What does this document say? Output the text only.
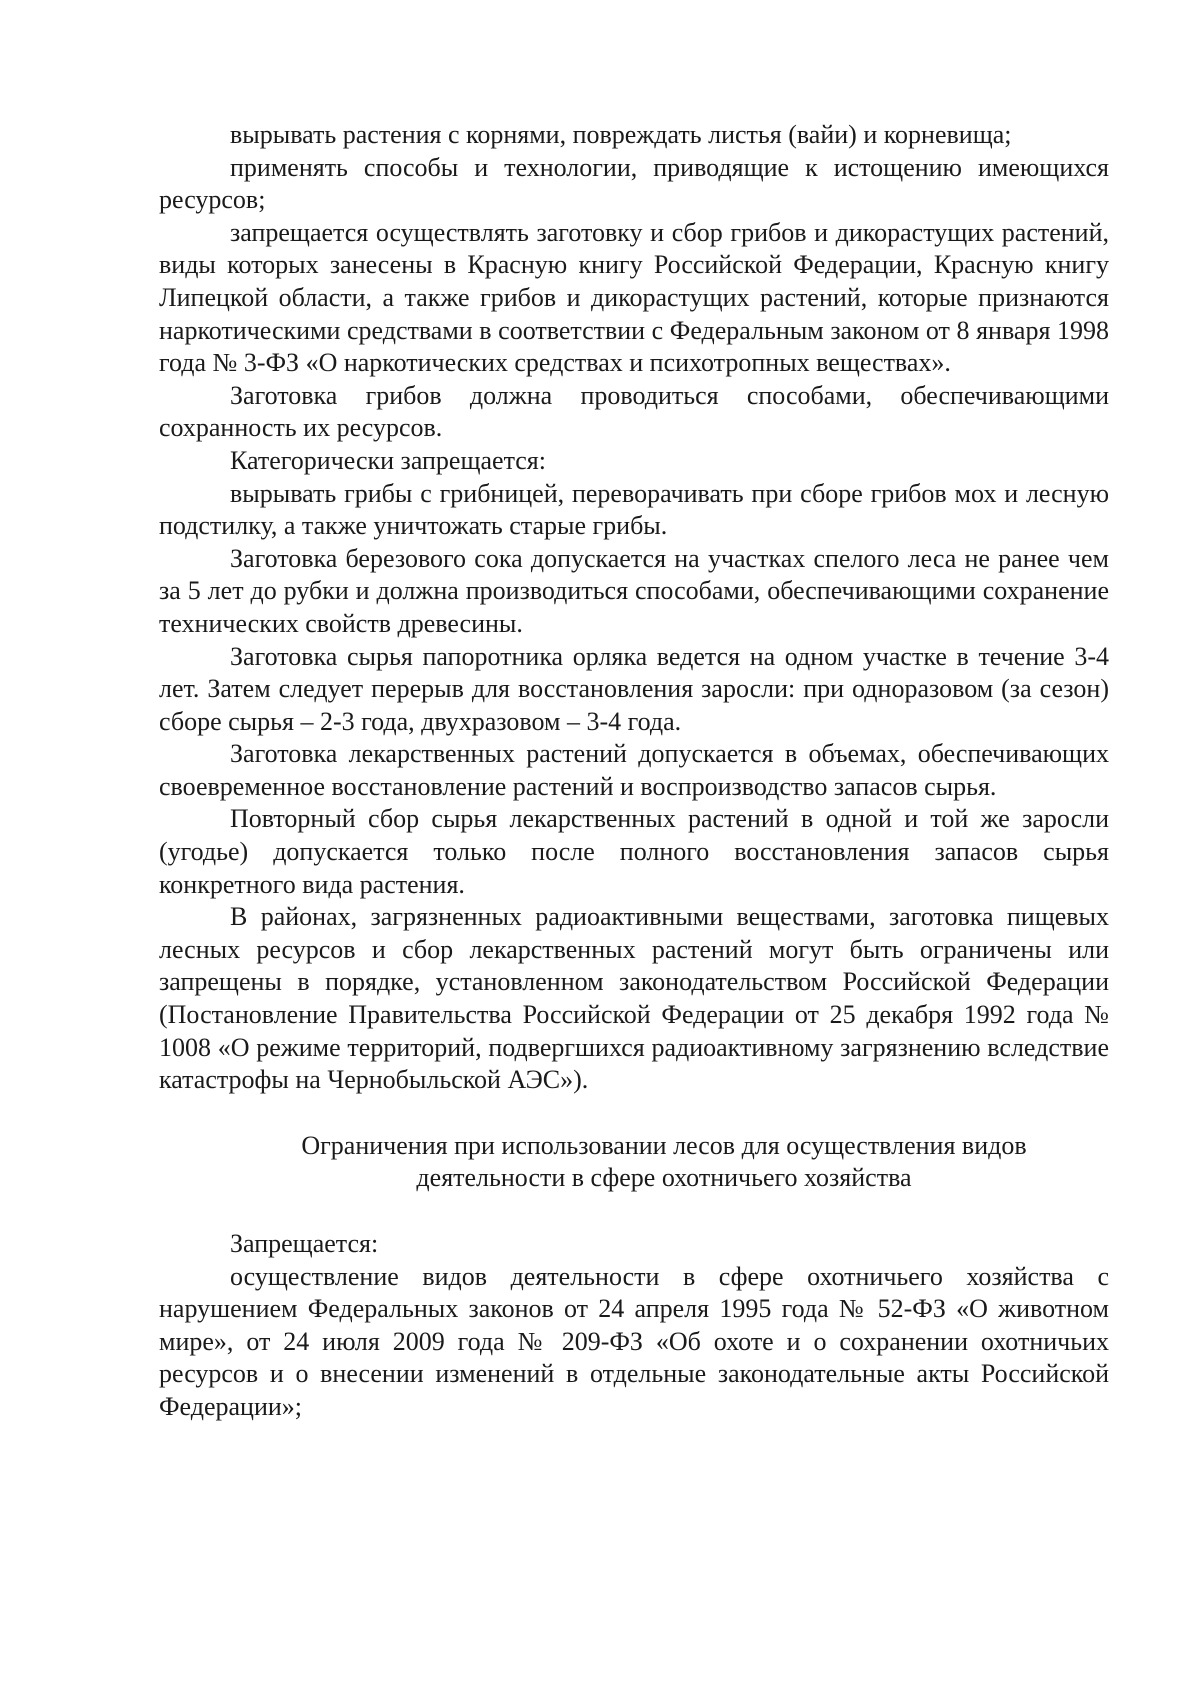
вырывать растения с корнями, повреждать листья (вайи) и корневища;

применять способы и технологии, приводящие к истощению имеющихся ресурсов;

запрещается осуществлять заготовку и сбор грибов и дикорастущих растений, виды которых занесены в Красную книгу Российской Федерации, Красную книгу Липецкой области, а также грибов и дикорастущих растений, которые признаются наркотическими средствами в соответствии с Федеральным законом от 8 января 1998 года № 3-ФЗ «О наркотических средствах и психотропных веществах».

Заготовка грибов должна проводиться способами, обеспечивающими сохранность их ресурсов.

Категорически запрещается:

вырывать грибы с грибницей, переворачивать при сборе грибов мох и лесную подстилку, а также уничтожать старые грибы.

Заготовка березового сока допускается на участках спелого леса не ранее чем за 5 лет до рубки и должна производиться способами, обеспечивающими сохранение технических свойств древесины.

Заготовка сырья папоротника орляка ведется на одном участке в течение 3-4 лет. Затем следует перерыв для восстановления заросли: при одноразовом (за сезон) сборе сырья – 2-3 года, двухразовом – 3-4 года.

Заготовка лекарственных растений допускается в объемах, обеспечивающих своевременное восстановление растений и воспроизводство запасов сырья.

Повторный сбор сырья лекарственных растений в одной и той же заросли (угодье) допускается только после полного восстановления запасов сырья конкретного вида растения.

В районах, загрязненных радиоактивными веществами, заготовка пищевых лесных ресурсов и сбор лекарственных растений могут быть ограничены или запрещены в порядке, установленном законодательством Российской Федерации (Постановление Правительства Российской Федерации от 25 декабря 1992 года № 1008 «О режиме территорий, подвергшихся радиоактивному загрязнению вследствие катастрофы на Чернобыльской АЭС»).

Ограничения при использовании лесов для осуществления видов

деятельности в сфере охотничьего хозяйства

Запрещается:

осуществление видов деятельности в сфере охотничьего хозяйства с нарушением Федеральных законов от 24 апреля 1995 года № 52-ФЗ «О животном мире», от 24 июля 2009 года № 209-ФЗ «Об охоте и о сохранении охотничьих ресурсов и о внесении изменений в отдельные законодательные акты Российской Федерации»;
